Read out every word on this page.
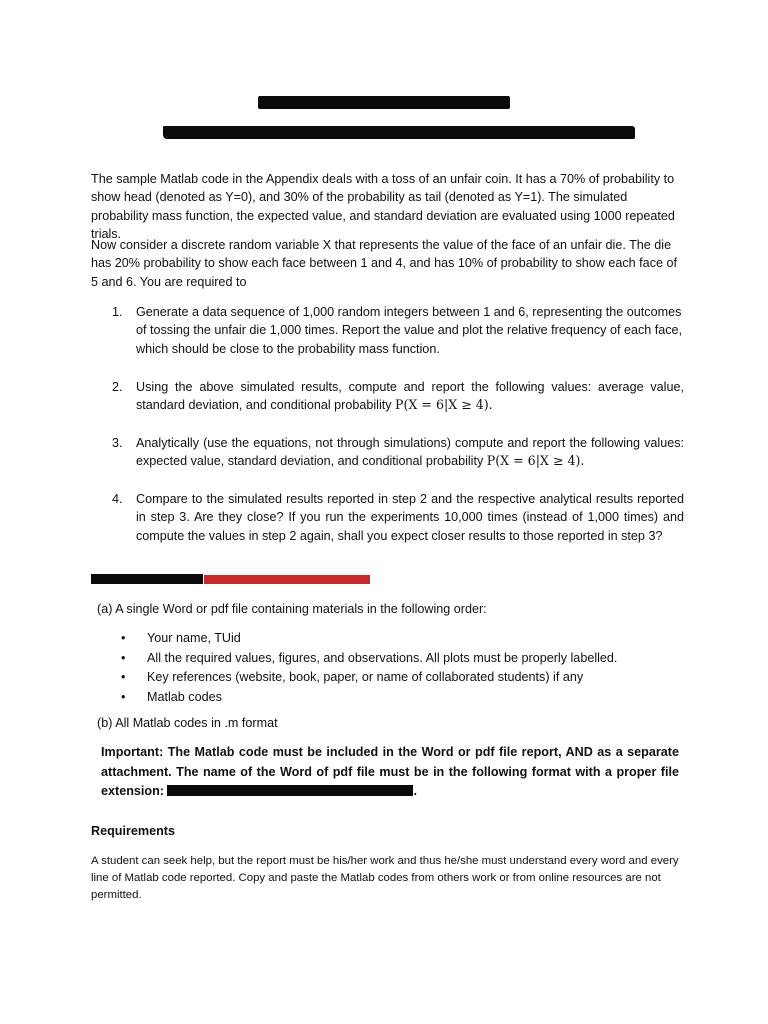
The sample Matlab code in the Appendix deals with a toss of an unfair coin. It has a 70% of probability to show head (denoted as Y=0), and 30% of the probability as tail (denoted as Y=1). The simulated probability mass function, the expected value, and standard deviation are evaluated using 1000 repeated trials.
Now consider a discrete random variable X that represents the value of the face of an unfair die. The die has 20% probability to show each face between 1 and 4, and has 10% of probability to show each face of 5 and 6. You are required to
1. Generate a data sequence of 1,000 random integers between 1 and 6, representing the outcomes of tossing the unfair die 1,000 times. Report the value and plot the relative frequency of each face, which should be close to the probability mass function.
2. Using the above simulated results, compute and report the following values: average value, standard deviation, and conditional probability P(X = 6|X ≥ 4).
3. Analytically (use the equations, not through simulations) compute and report the following values: expected value, standard deviation, and conditional probability P(X = 6|X ≥ 4).
4. Compare to the simulated results reported in step 2 and the respective analytical results reported in step 3. Are they close? If you run the experiments 10,000 times (instead of 1,000 times) and compute the values in step 2 again, shall you expect closer results to those reported in step 3?
(a) A single Word or pdf file containing materials in the following order:
• Your name, TUid
• All the required values, figures, and observations. All plots must be properly labelled.
• Key references (website, book, paper, or name of collaborated students) if any
• Matlab codes
(b) All Matlab codes in .m format
Important: The Matlab code must be included in the Word or pdf file report, AND as a separate attachment. The name of the Word of pdf file must be in the following format with a proper file extension:	.
Requirements
A student can seek help, but the report must be his/her work and thus he/she must understand every word and every line of Matlab code reported. Copy and paste the Matlab codes from others work or from online resources are not permitted.
